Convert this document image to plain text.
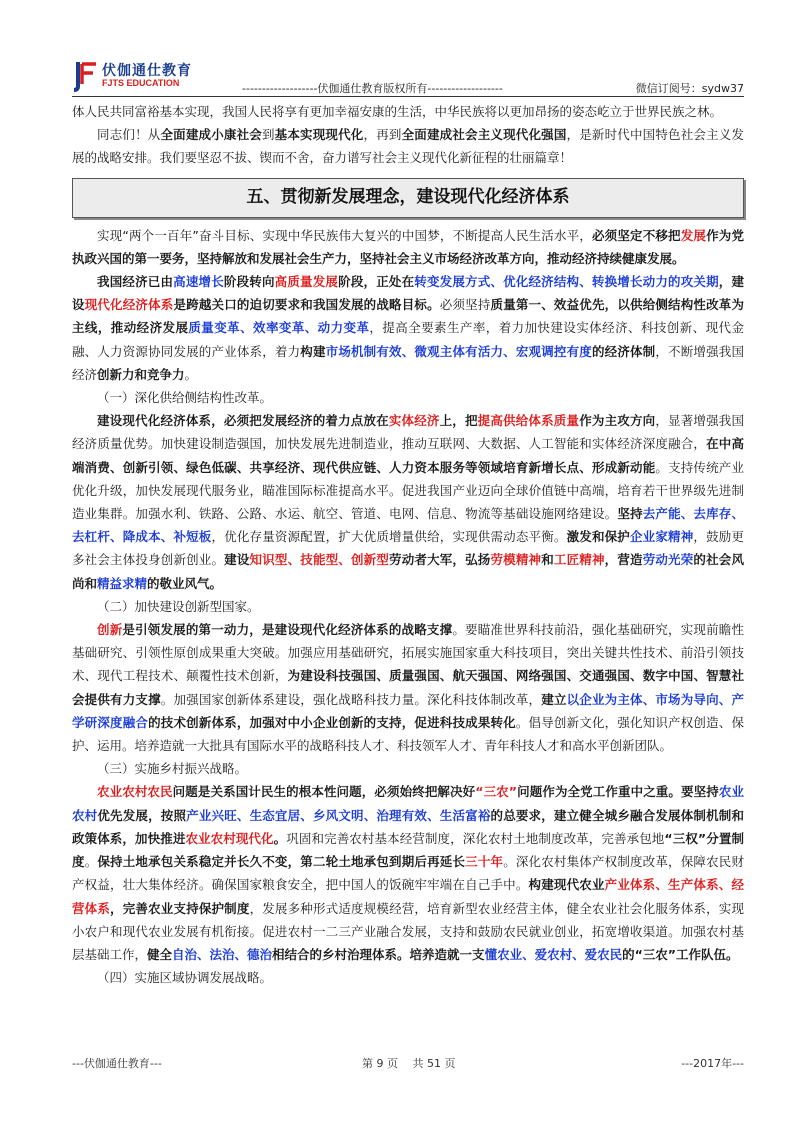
伏伽通仕教育
FJTS EDUCATION	-------------------伏伽通仕教育版权所有-------------------	微信订阅号：sydw37

体人民共同富裕基本实现，我国人民将享有更加幸福安康的生活，中华民族将以更加昂扬的姿态屹立于世界民族之林。

同志们！从全面建成小康社会到基本实现现代化，再到全面建成社会主义现代化强国，是新时代中国特色社会主义发展的战略安排。我们要坚忍不拔、锲而不舍，奋力谱写社会主义现代化新征程的壮丽篇章！

五、贯彻新发展理念，建设现代化经济体系

实现“两个一百年”奋斗目标、实现中华民族伟大复兴的中国梦，不断提高人民生活水平，必须坚定不移把发展作为党执政兴国的第一要务，坚持解放和发展社会生产力，坚持社会主义市场经济改革方向，推动经济持续健康发展。

我国经济已由高速增长阶段转向高质量发展阶段，正处在转变发展方式、优化经济结构、转换增长动力的攻关期，建设现代化经济体系是跨越关口的迫切要求和我国发展的战略目标。必须坚持质量第一、效益优先，以供给侧结构性改革为主线，推动经济发展质量变革、效率变革、动力变革，提高全要素生产率，着力加快建设实体经济、科技创新、现代金融、人力资源协同发展的产业体系，着力构建市场机制有效、微观主体有活力、宏观调控有度的经济体制，不断增强我国经济创新力和竞争力。

（一）深化供给侧结构性改革。

建设现代化经济体系，必须把发展经济的着力点放在实体经济上，把提高供给体系质量作为主攻方向，显著增强我国经济质量优势。加快建设制造强国，加快发展先进制造业，推动互联网、大数据、人工智能和实体经济深度融合，在中高端消费、创新引领、绿色低碳、共享经济、现代供应链、人力资本服务等领域培育新增长点、形成新动能。支持传统产业优化升级，加快发展现代服务业，瞄准国际标准提高水平。促进我国产业迈向全球价值链中高端，培育若干世界级先进制造业集群。加强水利、铁路、公路、水运、航空、管道、电网、信息、物流等基础设施网络建设。坚持去产能、去库存、去杠杆、降成本、补短板，优化存量资源配置，扩大优质增量供给，实现供需动态平衡。激发和保护企业家精神，鼓励更多社会主体投身创新创业。建设知识型、技能型、创新型劳动者大军，弘扬劳模精神和工匠精神，营造劳动光荣的社会风尚和精益求精的敬业风气。

（二）加快建设创新型国家。

创新是引领发展的第一动力，是建设现代化经济体系的战略支撑。要瞄准世界科技前沿，强化基础研究，实现前瞻性基础研究、引领性原创成果重大突破。加强应用基础研究，拓展实施国家重大科技项目，突出关键共性技术、前沿引领技术、现代工程技术、颠覆性技术创新，为建设科技强国、质量强国、航天强国、网络强国、交通强国、数字中国、智慧社会提供有力支撑。加强国家创新体系建设，强化战略科技力量。深化科技体制改革，建立以企业为主体、市场为导向、产学研深度融合的技术创新体系，加强对中小企业创新的支持，促进科技成果转化。倡导创新文化，强化知识产权创造、保护、运用。培养造就一大批具有国际水平的战略科技人才、科技领军人才、青年科技人才和高水平创新团队。

（三）实施乡村振兴战略。

农业农村农民问题是关系国计民生的根本性问题，必须始终把解决好“三农”问题作为全党工作重中之重。要坚持农业农村优先发展，按照产业兴旺、生态宜居、乡风文明、治理有效、生活富裕的总要求，建立健全城乡融合发展体制机制和政策体系，加快推进农业农村现代化。巩固和完善农村基本经营制度，深化农村土地制度改革，完善承包地“三权”分置制度。保持土地承包关系稳定并长久不变，第二轮土地承包到期后再延长三十年。深化农村集体产权制度改革，保障农民财产权益，壮大集体经济。确保国家粮食安全，把中国人的饭碗牢牢端在自己手中。构建现代农业产业体系、生产体系、经营体系，完善农业支持保护制度，发展多种形式适度规模经营，培育新型农业经营主体，健全农业社会化服务体系，实现小农户和现代农业发展有机衔接。促进农村一二三产业融合发展，支持和鼓励农民就业创业，拓宽增收渠道。加强农村基层基础工作，健全自治、法治、德治相结合的乡村治理体系。培养造就一支懂农业、爱农村、爱农民的“三农”工作队伍。

（四）实施区域协调发展战略。

---伏伽通仕教育---	第 9 页　 共 51 页	---2017年---
